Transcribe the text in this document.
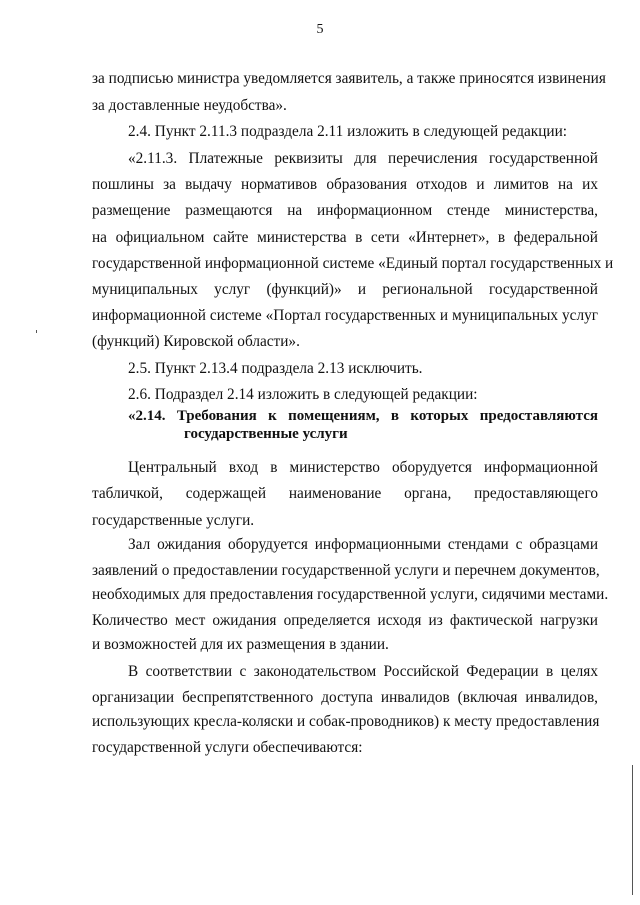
5
за подписью министра уведомляется заявитель, а также приносятся извинения
за доставленные неудобства».
2.4. Пункт 2.11.3 подраздела 2.11 изложить в следующей редакции:
«2.11.3. Платежные реквизиты для перечисления государственной
пошлины за выдачу нормативов образования отходов и лимитов на их
размещение размещаются на информационном стенде министерства,
на официальном сайте министерства в сети «Интернет», в федеральной
государственной информационной системе «Единый портал государственных и
муниципальных услуг (функций)» и региональной государственной
информационной системе «Портал государственных и муниципальных услуг
(функций) Кировской области».
2.5. Пункт 2.13.4 подраздела 2.13 исключить.
2.6. Подраздел 2.14 изложить в следующей редакции:
«2.14. Требования к помещениям, в которых предоставляются
государственные услуги
Центральный вход в министерство оборудуется информационной
табличкой, содержащей наименование органа, предоставляющего
государственные услуги.
Зал ожидания оборудуется информационными стендами с образцами
заявлений о предоставлении государственной услуги и перечнем документов,
необходимых для предоставления государственной услуги, сидячими местами.
Количество мест ожидания определяется исходя из фактической нагрузки
и возможностей для их размещения в здании.
В соответствии с законодательством Российской Федерации в целях
организации беспрепятственного доступа инвалидов (включая инвалидов,
использующих кресла-коляски и собак-проводников) к месту предоставления
государственной услуги обеспечиваются:
